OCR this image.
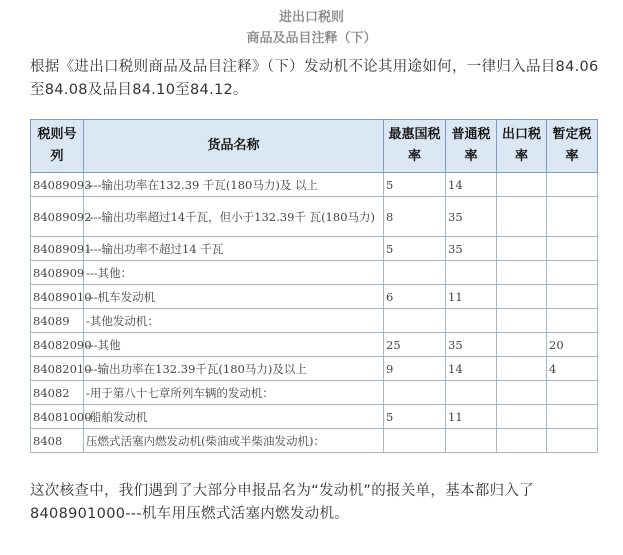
进出口税则
商品及品目注释（下）
根据《进出口税则商品及品目注释》（下）发动机不论其用途如何，一律归入品目84.06至84.08及品目84.10至84.12。
税则号列	货品名称	最惠国税率	普通税率	出口税率	暂定税率
84089093	----输出功率在132.39 千瓦(180马力)及 以上	5	14		
84089092	----输出功率超过14千瓦，但小于132.39千 瓦(180马力)	8	35		
84089091	----输出功率不超过14 千瓦	5	35		
8408909	---其他：				
84089010	---机车发动机	6	11		
84089	-其他发动机：				
84082090	---其他	25	35		20
84082010	---输出功率在132.39千瓦(180马力)及以上	9	14		4
84082	-用于第八十七章所列车辆的发动机：				
84081000	-船舶发动机	5	11		
8408	压燃式活塞内燃发动机(柴油或半柴油发动机)：				
这次核查中，我们遇到了大部分申报品名为“发动机”的报关单，基本都归入了8408901000---机车用压燃式活塞内燃发动机。
